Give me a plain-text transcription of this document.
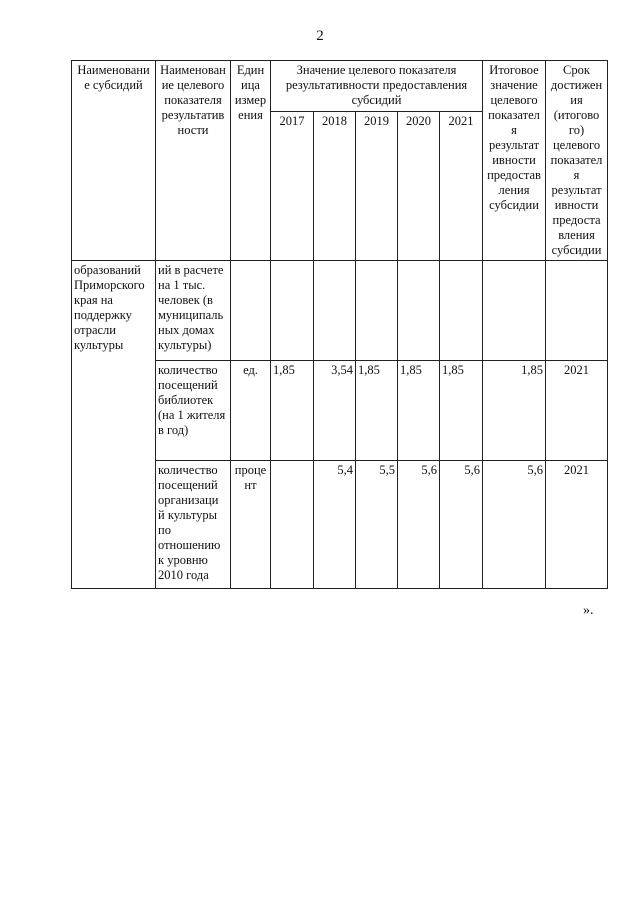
2
Наименовани е субсидий	Наименован ие целевого показателя результатив ности	Един ица измер ения	Значение целевого показателя результативности предоставления субсидий					Итоговое значение целевого показател я результат ивности предостав ления субсидии	Срок достижен ия (итогово го) целевого показател я результат ивности предоста вления субсидии
			2017	2018	2019	2020	2021		
образований Приморского края на поддержку отрасли культуры	ий в расчете на 1 тыс. человек (в муниципаль ных домах культуры)								
	количество посещений библиотек (на 1 жителя в год)	ед.	1,85	3,54	1,85	1,85	1,85	1,85	2021
	количество посещений организаци й культуры по отношению к уровню 2010 года	проце нт		5,4	5,5	5,6	5,6	5,6	2021
».
